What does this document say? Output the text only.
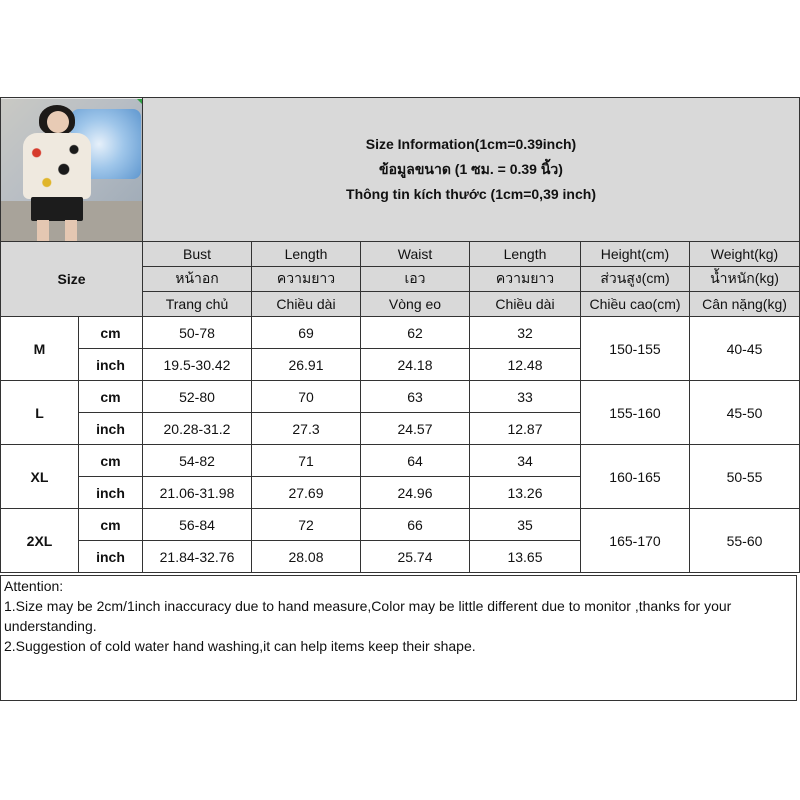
		Size Information(1cm=0.39inch)
ข้อมูลขนาด (1 ซม. = 0.39 นิ้ว)
Thông tin kích thước (1cm=0,39 inch)					

Size		Bust	Length	Waist	Length	Height(cm)	Weight(kg)
		หน้าอก	ความยาว	เอว	ความยาว	ส่วนสูง(cm)	น้ำหนัก(kg)
		Trang chủ	Chiều dài	Vòng eo	Chiều dài	Chiều cao(cm)	Cân nặng(kg)
M	cm	50-78	69	62	32	150-155	40-45
	inch	19.5-30.42	26.91	24.18	12.48		
L	cm	52-80	70	63	33	155-160	45-50
	inch	20.28-31.2	27.3	24.57	12.87		
XL	cm	54-82	71	64	34	160-165	50-55
	inch	21.06-31.98	27.69	24.96	13.26		
2XL	cm	56-84	72	66	35	165-170	55-60
	inch	21.84-32.76	28.08	25.74	13.65		

Attention:

1.Size may be 2cm/1inch inaccuracy due to hand measure,Color may be little different due to monitor ,thanks for your understanding.

2.Suggestion of cold water hand washing,it can help items keep their shape.
